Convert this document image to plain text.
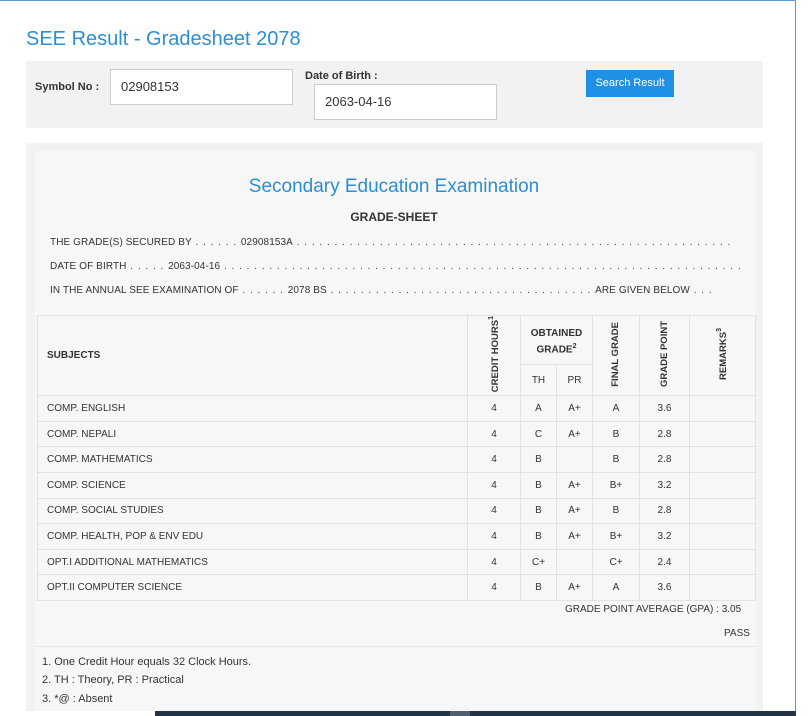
SEE Result - Gradesheet 2078
Symbol No :	02908153
Date of Birth :
2063-04-16
Search Result
Secondary Education Examination
GRADE-SHEET
THE GRADE(S) SECURED BY . . . . . . 02908153A . . . . . . . . . . . . . . . . . . . . . . . . . . . . . . . . . . . . . . . . . . . . . . . . . . . . . . . . . .
DATE OF BIRTH . . . . . 2063-04-16 . . . . . . . . . . . . . . . . . . . . . . . . . . . . . . . . . . . . . . . . . . . . . . . . . . . . . . . . . . . . . . . . . . . . .
IN THE ANNUAL SEE EXAMINATION OF . . . . . . 2078 BS . . . . . . . . . . . . . . . . . . . . . . . . . . . . . . . . . . . ARE GIVEN BELOW . . .
SUBJECTS	CREDIT HOURS$^1$	OBTAINED GRADE$^2$		FINAL GRADE	GRADE POINT	REMARKS$^3$
		TH	PR			
COMP. ENGLISH	4	A	A+	A	3.6	
COMP. NEPALI	4	C	A+	B	2.8	
COMP. MATHEMATICS	4	B		B	2.8	
COMP. SCIENCE	4	B	A+	B+	3.2	
COMP. SOCIAL STUDIES	4	B	A+	B	2.8	
COMP. HEALTH, POP & ENV EDU	4	B	A+	B+	3.2	
OPT.I ADDITIONAL MATHEMATICS	4	C+		C+	2.4	
OPT.II COMPUTER SCIENCE	4	B	A+	A	3.6	
GRADE POINT AVERAGE (GPA) : 3.05
PASS
1. One Credit Hour equals 32 Clock Hours.
2. TH : Theory, PR : Practical
3. *@ : Absent
